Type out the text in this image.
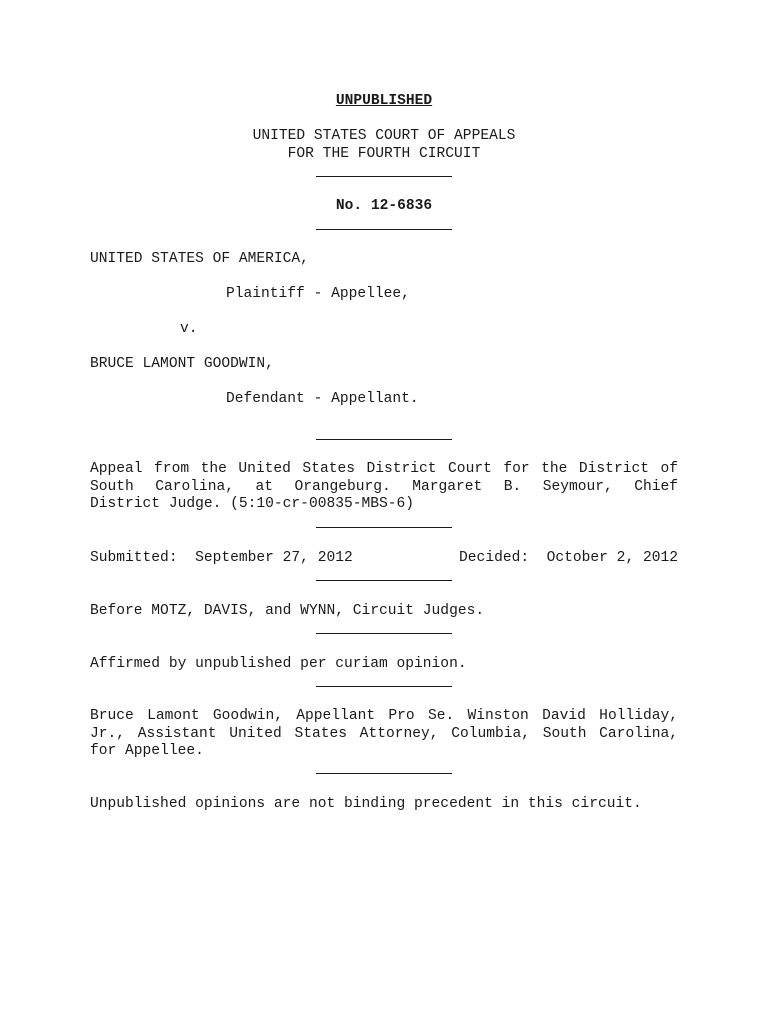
UNPUBLISHED
UNITED STATES COURT OF APPEALS
FOR THE FOURTH CIRCUIT
No. 12-6836
UNITED STATES OF AMERICA,
Plaintiff - Appellee,
v.
BRUCE LAMONT GOODWIN,
Defendant - Appellant.
Appeal from the United States District Court for the District of
South Carolina, at Orangeburg. Margaret B. Seymour, Chief
District Judge. (5:10-cr-00835-MBS-6)
Submitted:  September 27, 2012	Decided:  October 2, 2012
Before MOTZ, DAVIS, and WYNN, Circuit Judges.
Affirmed by unpublished per curiam opinion.
Bruce Lamont Goodwin, Appellant Pro Se. Winston David Holliday,
Jr., Assistant United States Attorney, Columbia, South Carolina,
for Appellee.
Unpublished opinions are not binding precedent in this circuit.
